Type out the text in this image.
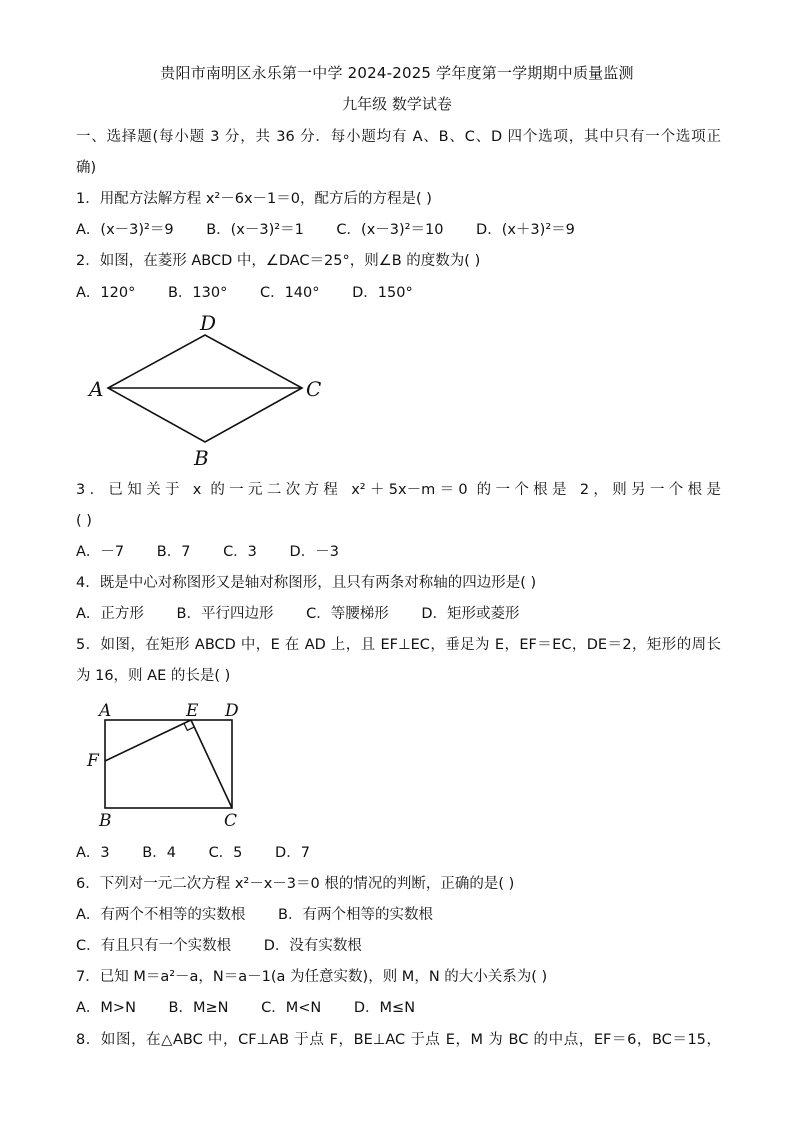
贵阳市南明区永乐第一中学 2024-2025 学年度第一学期期中质量监测
九年级 数学试卷
一、选择题(每小题 3 分，共 36 分．每小题均有 A、B、C、D 四个选项，其中只有一个选项正
确)
1．用配方法解方程 x²－6x－1＝0，配方后的方程是( )
A．(x－3)²＝9 B．(x－3)²＝1 C．(x－3)²＝10 D．(x＋3)²＝9
2．如图，在菱形 ABCD 中，∠DAC＝25°，则∠B 的度数为( )
A．120° B．130° C．140° D．150°
D
A	C
B
3．已知关于 x 的一元二次方程 x²＋5x－m＝0 的一个根是 2，则另一个根是
( )
A．－7 B．7 C．3 D．－3
4．既是中心对称图形又是轴对称图形，且只有两条对称轴的四边形是( )
A．正方形 B．平行四边形 C．等腰梯形 D．矩形或菱形
5．如图，在矩形 ABCD 中，E 在 AD 上，且 EF⊥EC，垂足为 E，EF＝EC，DE＝2，矩形的周长
为 16，则 AE 的长是( )
A	E D
F
B	C
A．3 B．4 C．5 D．7
6．下列对一元二次方程 x²－x－3＝0 根的情况的判断，正确的是( )
A．有两个不相等的实数根 B．有两个相等的实数根
C．有且只有一个实数根 D．没有实数根
7．已知 M＝a²－a，N＝a－1(a 为任意实数)，则 M，N 的大小关系为( )
A．M>N B．M≥N C．M<N D．M≤N
8．如图，在△ABC 中，CF⊥AB 于点 F，BE⊥AC 于点 E，M 为 BC 的中点，EF＝6，BC＝15，
